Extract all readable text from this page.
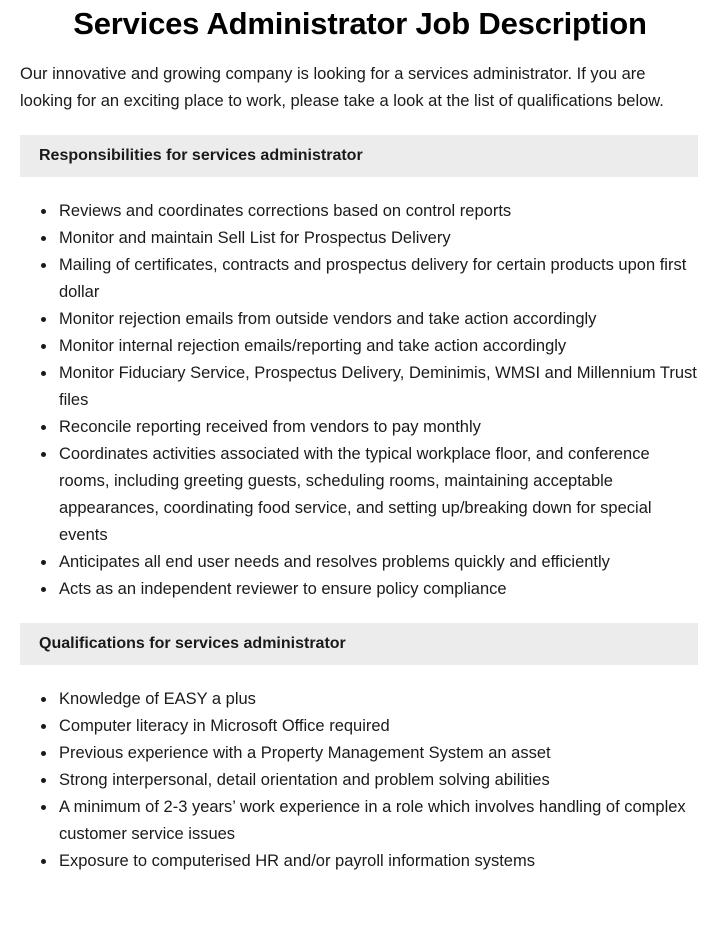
Services Administrator Job Description

Our innovative and growing company is looking for a services administrator. If you are looking for an exciting place to work, please take a look at the list of qualifications below.

Responsibilities for services administrator
Reviews and coordinates corrections based on control reports
Monitor and maintain Sell List for Prospectus Delivery
Mailing of certificates, contracts and prospectus delivery for certain products upon first dollar
Monitor rejection emails from outside vendors and take action accordingly
Monitor internal rejection emails/reporting and take action accordingly
Monitor Fiduciary Service, Prospectus Delivery, Deminimis, WMSI and Millennium Trust files
Reconcile reporting received from vendors to pay monthly
Coordinates activities associated with the typical workplace floor, and conference rooms, including greeting guests, scheduling rooms, maintaining acceptable appearances, coordinating food service, and setting up/breaking down for special events
Anticipates all end user needs and resolves problems quickly and efficiently
Acts as an independent reviewer to ensure policy compliance
Qualifications for services administrator
Knowledge of EASY a plus
Computer literacy in Microsoft Office required
Previous experience with a Property Management System an asset
Strong interpersonal, detail orientation and problem solving abilities
A minimum of 2-3 years’ work experience in a role which involves handling of complex customer service issues
Exposure to computerised HR and/or payroll information systems
